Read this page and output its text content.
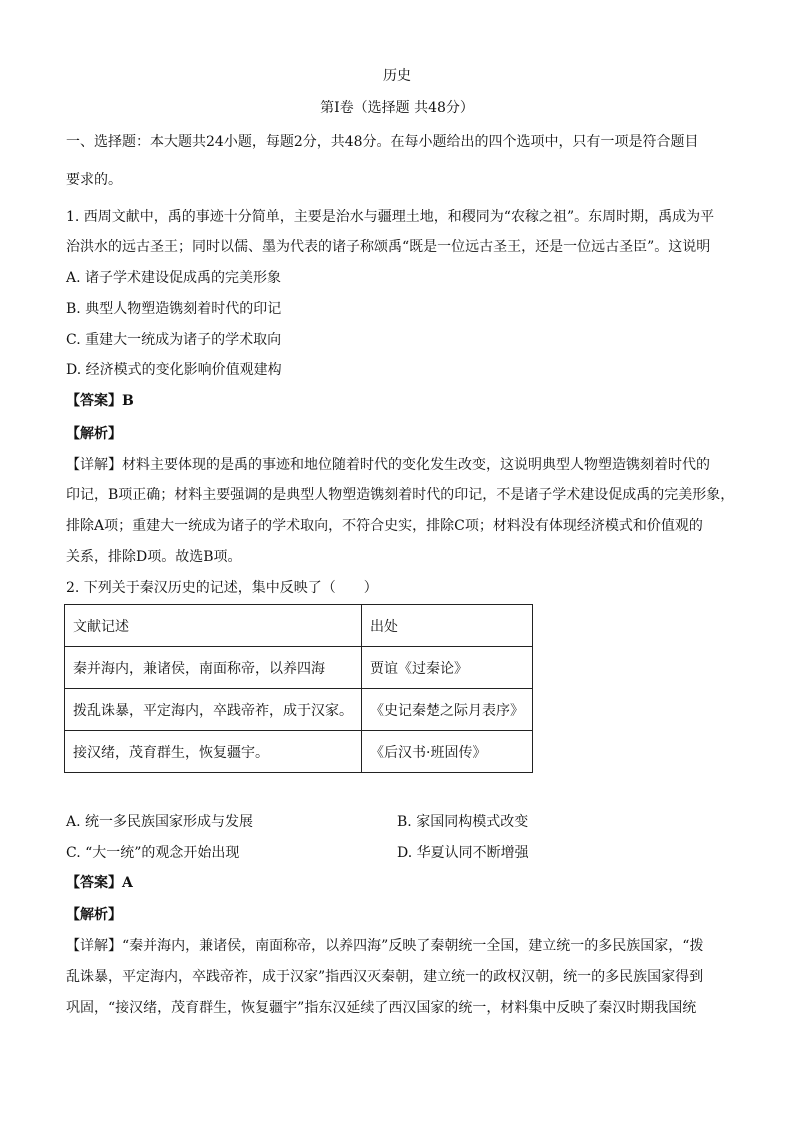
历史
第Ⅰ卷（选择题 共48分）
一、选择题：本大题共24小题，每题2分，共48分。在每小题给出的四个选项中，只有一项是符合题目
要求的。
1. 西周文献中，禹的事迹十分简单，主要是治水与疆理土地，和稷同为“农稼之祖”。东周时期，禹成为平
治洪水的远古圣王；同时以儒、墨为代表的诸子称颂禹“既是一位远古圣王，还是一位远古圣臣”。这说明
A. 诸子学术建设促成禹的完美形象
B. 典型人物塑造镌刻着时代的印记
C. 重建大一统成为诸子的学术取向
D. 经济模式的变化影响价值观建构
【答案】B
【解析】
【详解】材料主要体现的是禹的事迹和地位随着时代的变化发生改变，这说明典型人物塑造镌刻着时代的
印记，B项正确；材料主要强调的是典型人物塑造镌刻着时代的印记，不是诸子学术建设促成禹的完美形象，
排除A项；重建大一统成为诸子的学术取向，不符合史实，排除C项；材料没有体现经济模式和价值观的
关系，排除D项。故选B项。
2. 下列关于秦汉历史的记述，集中反映了（　　）
文献记述	出处
秦并海内，兼诸侯，南面称帝，以养四海	贾谊《过秦论》
拨乱诛暴，平定海内，卒践帝祚，成于汉家。	《史记秦楚之际月表序》
接汉绪，茂育群生，恢复疆宇。	《后汉书·班固传》
A. 统一多民族国家形成与发展	B. 家国同构模式改变
C. “大一统”的观念开始出现	D. 华夏认同不断增强
【答案】A
【解析】
【详解】“秦并海内，兼诸侯，南面称帝，以养四海”反映了秦朝统一全国，建立统一的多民族国家，“拨
乱诛暴，平定海内，卒践帝祚，成于汉家”指西汉灭秦朝，建立统一的政权汉朝，统一的多民族国家得到
巩固，“接汉绪，茂育群生，恢复疆宇”指东汉延续了西汉国家的统一，材料集中反映了秦汉时期我国统
